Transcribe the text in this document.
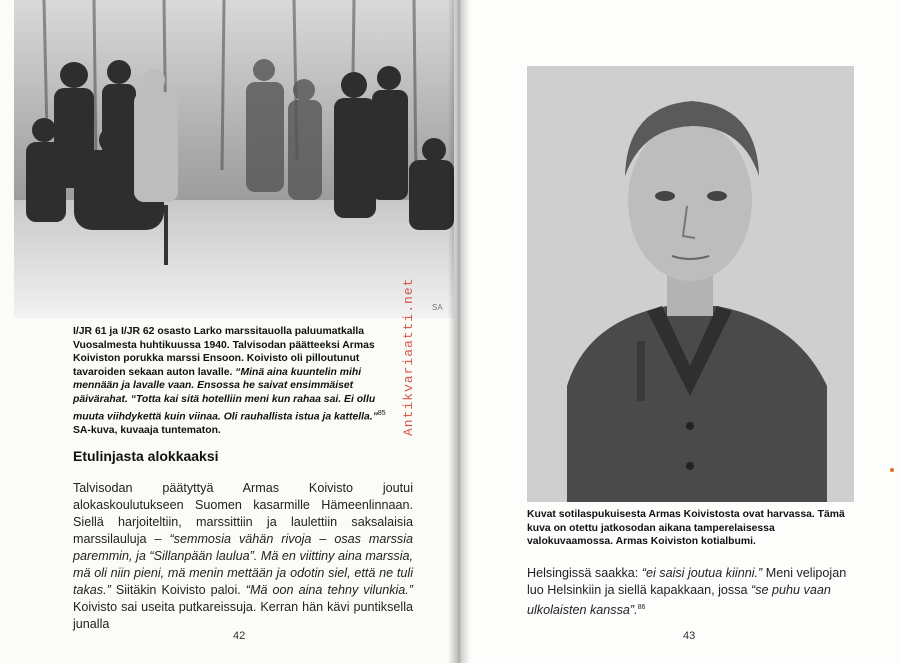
SA
I/JR 61 ja I/JR 62 osasto Larko marssitauolla paluumatkalla Vuosalmesta huhtikuussa 1940. Talvisodan päätteeksi Armas Koiviston porukka marssi Ensoon. Koivisto oli pilloutunut tavaroiden sekaan auton lavalle. “Minä aina kuuntelin mihi mennään ja lavalle vaan. Ensossa he saivat ensimmäiset päivärahat. “Totta kai sitä hotelliin meni kun rahaa sai. Ei ollu muuta viihdykettä kuin viinaa. Oli rauhallista istua ja kattella.”$^{85}$ SA-kuva, kuvaaja tuntematon.	Antikvariaatti.net
Etulinjasta alokkaaksi
Talvisodan päätyttyä Armas Koivisto joutui alokaskoulutukseen Suomen kasarmille Hämeenlinnaan. Siellä harjoiteltiin, marssittiin ja laulettiin saksalaisia marssilauluja – “semmosia vähän rivoja – osas marssia paremmin, ja “Sillanpään laulua”. Mä en viittiny aina marssia, mä oli niin pieni, mä menin mettään ja odotin siel, että ne tuli takas.” Siitäkin Koivisto paloi. “Mä oon aina tehny vilunkia.” Koivisto sai useita putkareissuja. Kerran hän kävi puntiksella junalla
42
Kuvat sotilaspukuisesta Armas Koivistosta ovat harvassa. Tämä kuva on otettu jatkosodan aikana tamperelaisessa valokuvaamossa. Armas Koiviston kotialbumi.
Helsingissä saakka: “ei saisi joutua kiinni.” Meni velipojan luo Helsinkiin ja siellä kapakkaan, jossa “se puhu vaan ulkolaisten kanssa”.$^{86}$
43
